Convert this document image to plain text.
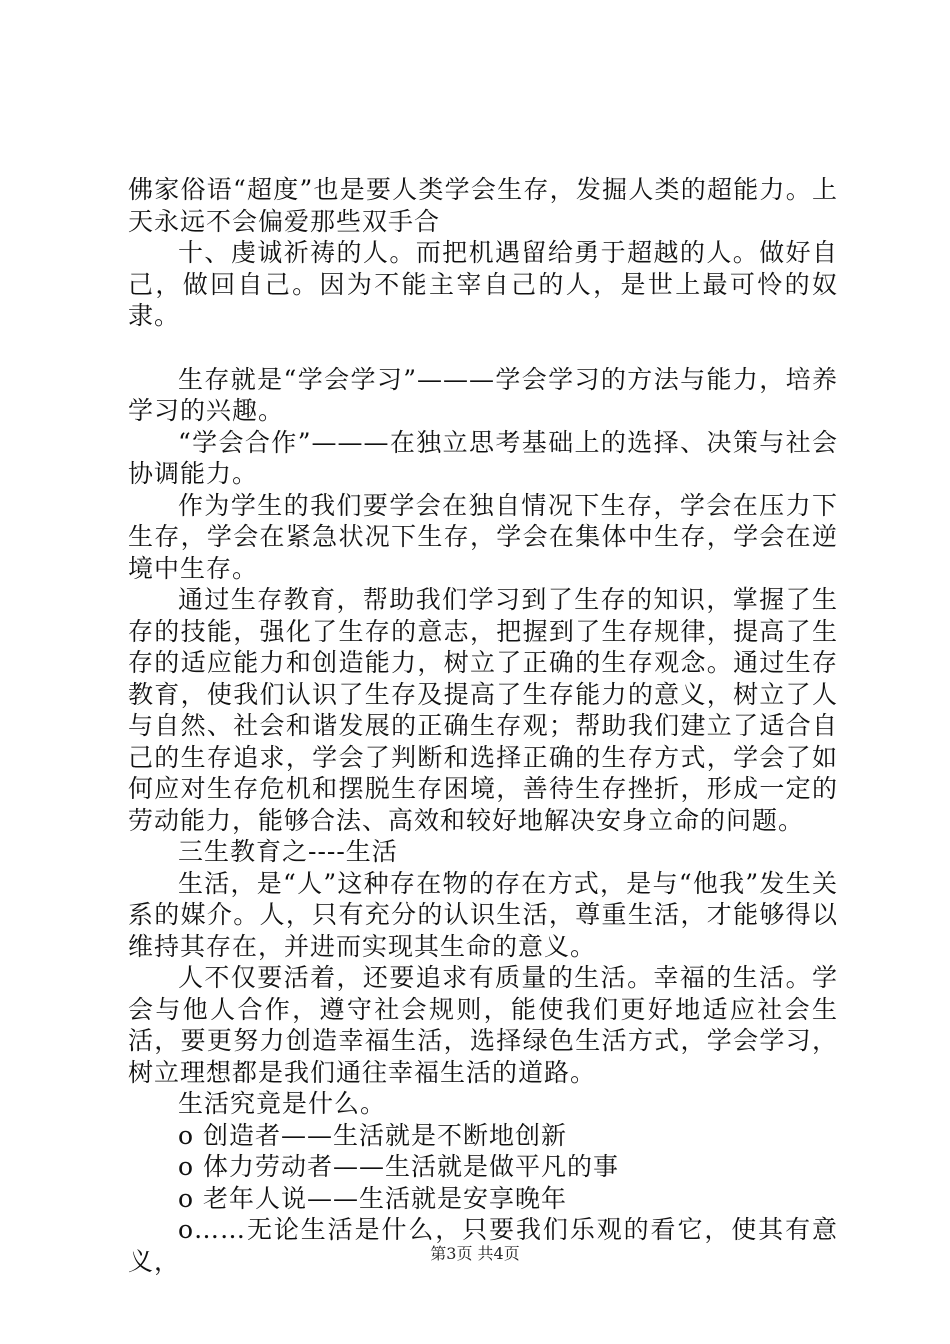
佛家俗语“超度”也是要人类学会生存，发掘人类的超能力。上天永远不会偏爱那些双手合

十、虔诚祈祷的人。而把机遇留给勇于超越的人。做好自己，做回自己。因为不能主宰自己的人，是世上最可怜的奴隶。

生存就是“学会学习”———学会学习的方法与能力，培养学习的兴趣。

“学会合作”———在独立思考基础上的选择、决策与社会协调能力。

作为学生的我们要学会在独自情况下生存，学会在压力下生存，学会在紧急状况下生存，学会在集体中生存，学会在逆境中生存。

通过生存教育，帮助我们学习到了生存的知识，掌握了生存的技能，强化了生存的意志，把握到了生存规律，提高了生存的适应能力和创造能力，树立了正确的生存观念。通过生存教育，使我们认识了生存及提高了生存能力的意义，树立了人与自然、社会和谐发展的正确生存观；帮助我们建立了适合自己的生存追求，学会了判断和选择正确的生存方式，学会了如何应对生存危机和摆脱生存困境，善待生存挫折，形成一定的劳动能力，能够合法、高效和较好地解决安身立命的问题。

三生教育之----生活

生活，是“人”这种存在物的存在方式，是与“他我”发生关系的媒介。人，只有充分的认识生活，尊重生活，才能够得以维持其存在，并进而实现其生命的意义。

人不仅要活着，还要追求有质量的生活。幸福的生活。学会与他人合作，遵守社会规则，能使我们更好地适应社会生活，要更努力创造幸福生活，选择绿色生活方式，学会学习，树立理想都是我们通往幸福生活的道路。

生活究竟是什么。

o 创造者——生活就是不断地创新

o 体力劳动者——生活就是做平凡的事

o 老年人说——生活就是安享晚年

o……无论生活是什么，只要我们乐观的看它，使其有意义，	第3页 共4页
